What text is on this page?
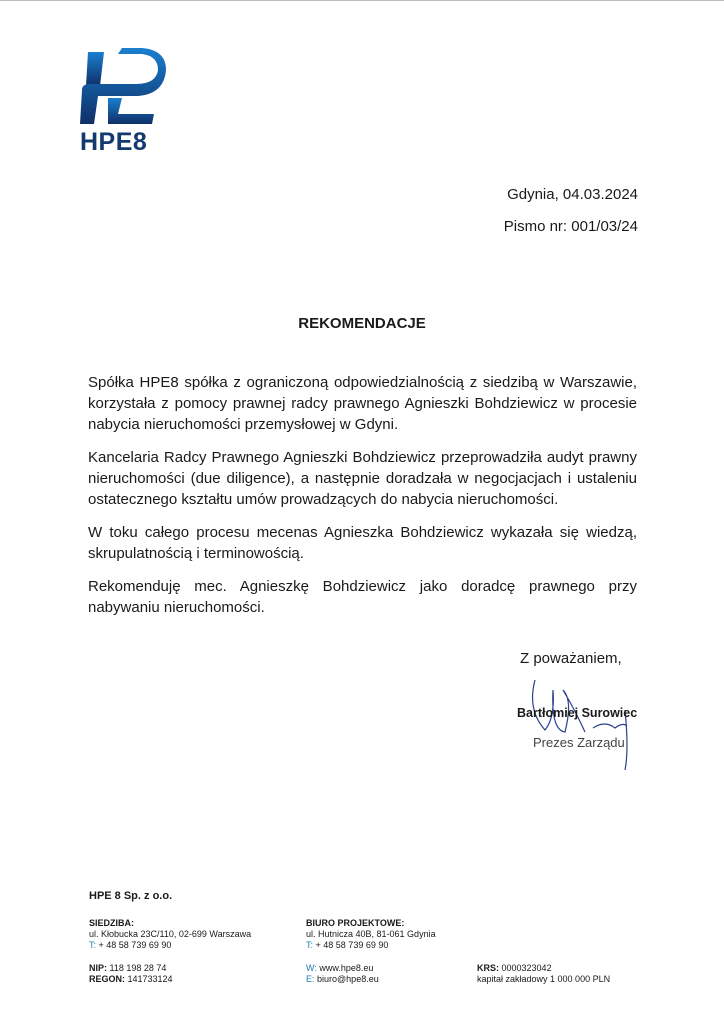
HPE8
Gdynia, 04.03.2024
Pismo nr: 001/03/24
REKOMENDACJE

Spółka HPE8 spółka z ograniczoną odpowiedzialnością z siedzibą w Warszawie, korzystała z pomocy prawnej radcy prawnego Agnieszki Bohdziewicz w procesie nabycia nieruchomości przemysłowej w Gdyni.

Kancelaria Radcy Prawnego Agnieszki Bohdziewicz przeprowadziła audyt prawny nieruchomości (due diligence), a następnie doradzała w negocjacjach i ustaleniu ostatecznego kształtu umów prowadzących do nabycia nieruchomości.

W toku całego procesu mecenas Agnieszka Bohdziewicz wykazała się wiedzą, skrupulatnością i terminowością.

Rekomenduję mec. Agnieszkę Bohdziewicz jako doradcę prawnego przy nabywaniu nieruchomości.

Z poważaniem,
Bartłomiej Surowiec
Prezes Zarządu
HPE 8 Sp. z o.o.
SIEDZIBA:
ul. Kłobucka 23C/110, 02-699 Warszawa
T: + 48 58 739 69 90
NIP: 118 198 28 74
REGON: 141733124
BIURO PROJEKTOWE:
ul. Hutnicza 40B, 81-061 Gdynia
T: + 48 58 739 69 90
W: www.hpe8.eu
E: biuro@hpe8.eu
KRS: 0000323042
kapitał zakładowy 1 000 000 PLN
